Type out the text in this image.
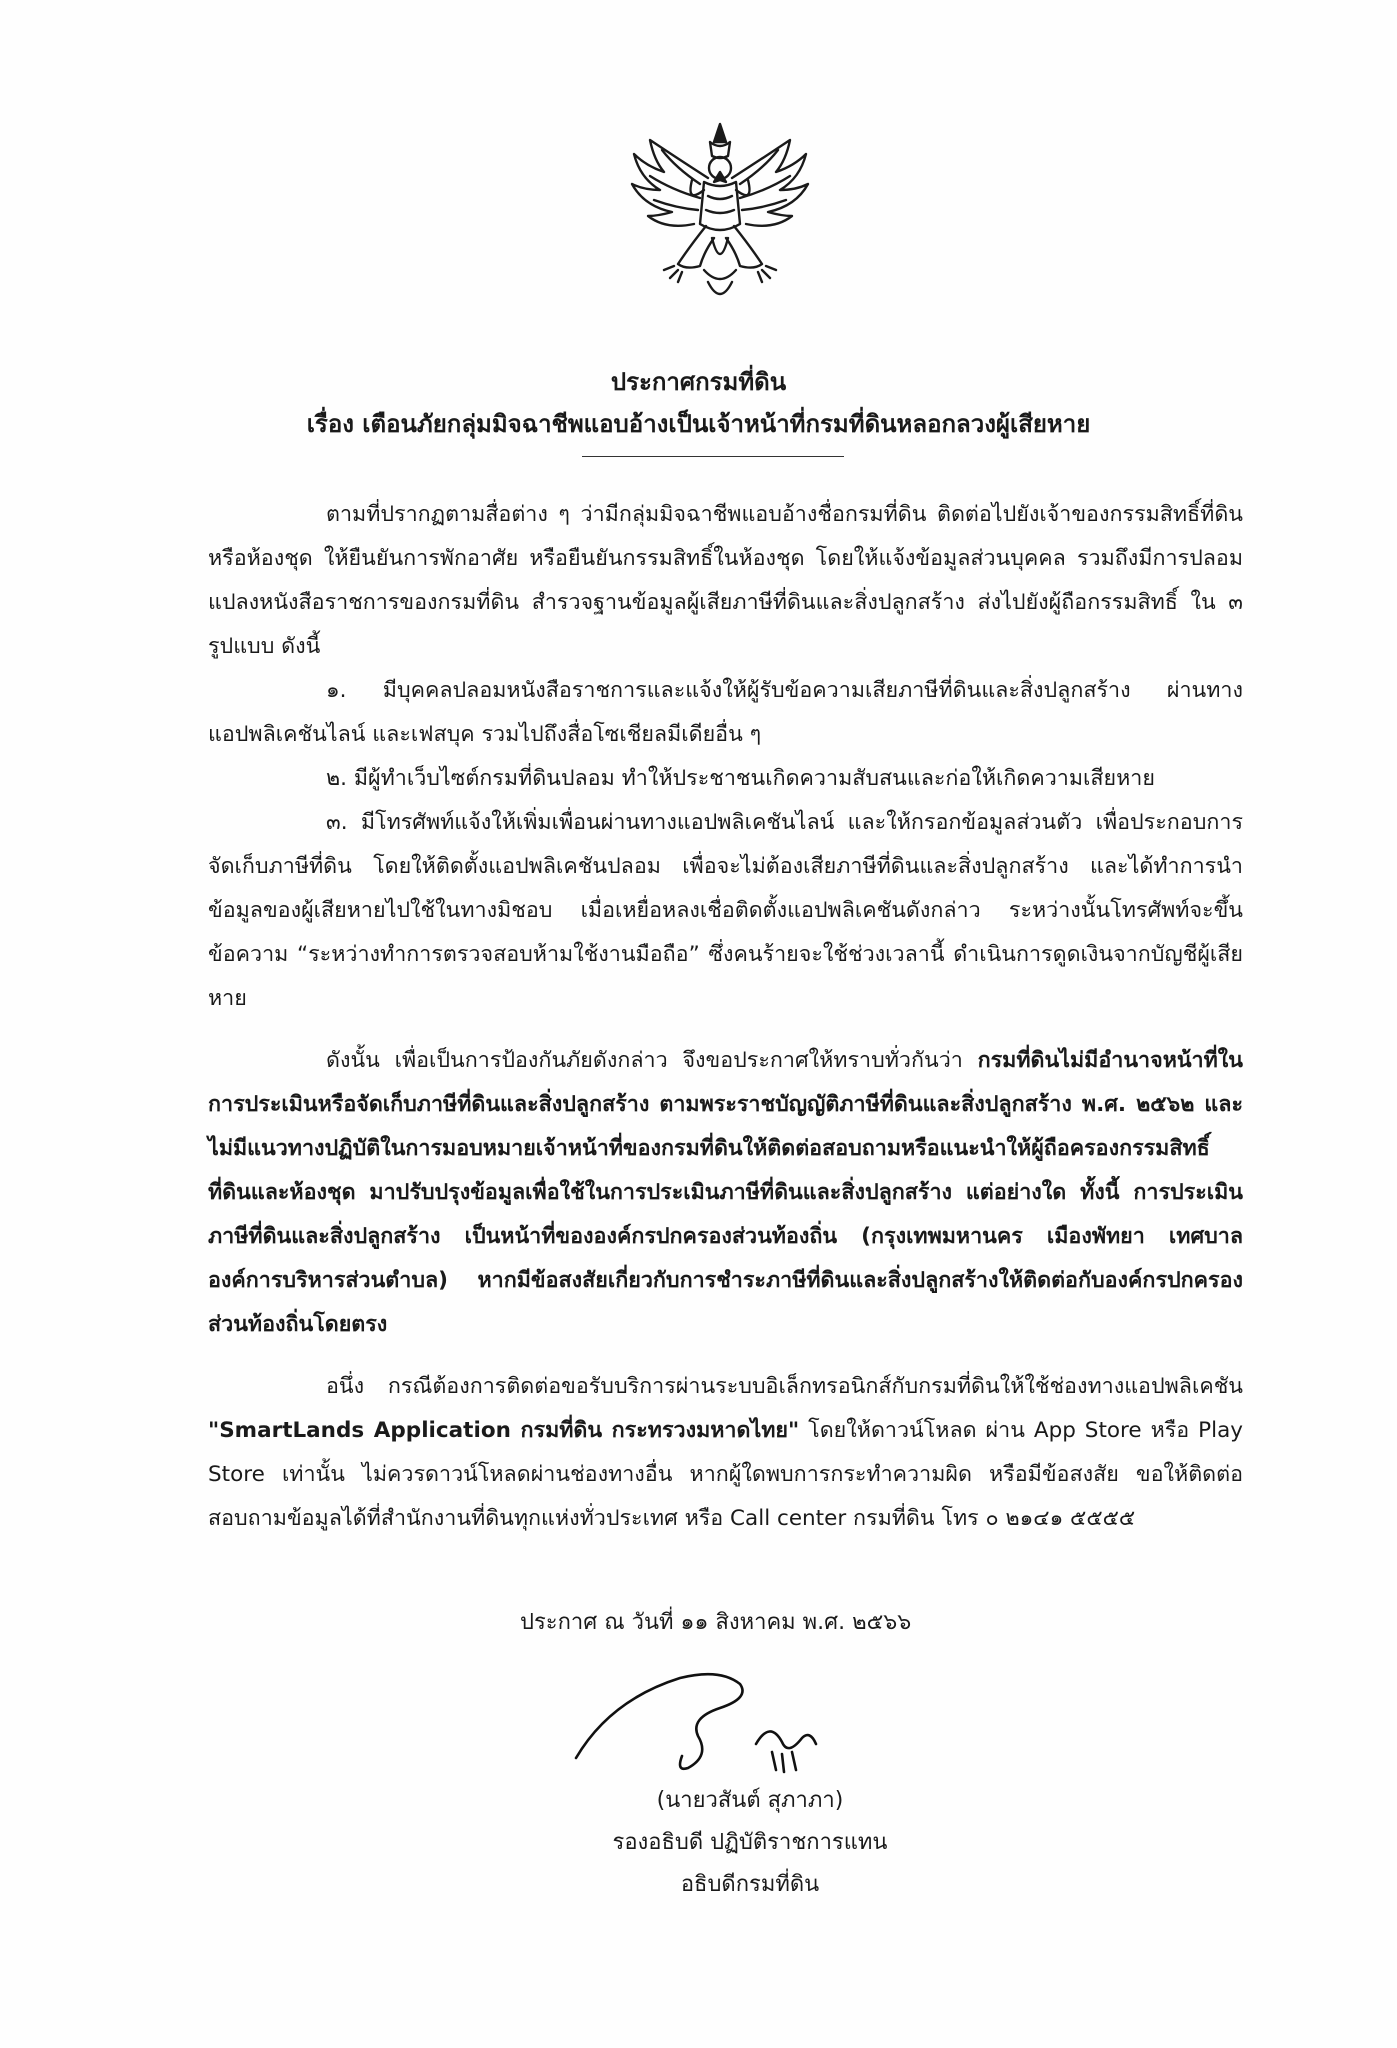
ประกาศกรมที่ดิน
เรื่อง เตือนภัยกลุ่มมิจฉาชีพแอบอ้างเป็นเจ้าหน้าที่กรมที่ดินหลอกลวงผู้เสียหาย

ตามที่ปรากฏตามสื่อต่าง ๆ ว่ามีกลุ่มมิจฉาชีพแอบอ้างชื่อกรมที่ดิน ติดต่อไปยังเจ้าของกรรมสิทธิ์ที่ดินหรือห้องชุด ให้ยืนยันการพักอาศัย หรือยืนยันกรรมสิทธิ์ในห้องชุด โดยให้แจ้งข้อมูลส่วนบุคคล รวมถึงมีการปลอมแปลงหนังสือราชการของกรมที่ดิน สำรวจฐานข้อมูลผู้เสียภาษีที่ดินและสิ่งปลูกสร้าง ส่งไปยังผู้ถือกรรมสิทธิ์ ใน ๓ รูปแบบ ดังนี้

๑. มีบุคคลปลอมหนังสือราชการและแจ้งให้ผู้รับข้อความเสียภาษีที่ดินและสิ่งปลูกสร้าง ผ่านทางแอปพลิเคชันไลน์ และเฟสบุค รวมไปถึงสื่อโซเชียลมีเดียอื่น ๆ

๒. มีผู้ทำเว็บไซต์กรมที่ดินปลอม ทำให้ประชาชนเกิดความสับสนและก่อให้เกิดความเสียหาย

๓. มีโทรศัพท์แจ้งให้เพิ่มเพื่อนผ่านทางแอปพลิเคชันไลน์ และให้กรอกข้อมูลส่วนตัว เพื่อประกอบการจัดเก็บภาษีที่ดิน โดยให้ติดตั้งแอปพลิเคชันปลอม เพื่อจะไม่ต้องเสียภาษีที่ดินและสิ่งปลูกสร้าง และได้ทำการนำข้อมูลของผู้เสียหายไปใช้ในทางมิชอบ เมื่อเหยื่อหลงเชื่อติดตั้งแอปพลิเคชันดังกล่าว ระหว่างนั้นโทรศัพท์จะขึ้นข้อความ “ระหว่างทำการตรวจสอบห้ามใช้งานมือถือ” ซึ่งคนร้ายจะใช้ช่วงเวลานี้ ดำเนินการดูดเงินจากบัญชีผู้เสียหาย

ดังนั้น เพื่อเป็นการป้องกันภัยดังกล่าว จึงขอประกาศให้ทราบทั่วกันว่า กรมที่ดินไม่มีอำนาจหน้าที่ในการประเมินหรือจัดเก็บภาษีที่ดินและสิ่งปลูกสร้าง ตามพระราชบัญญัติภาษีที่ดินและสิ่งปลูกสร้าง พ.ศ. ๒๕๖๒ และไม่มีแนวทางปฏิบัติในการมอบหมายเจ้าหน้าที่ของกรมที่ดินให้ติดต่อสอบถามหรือแนะนำให้ผู้ถือครองกรรมสิทธิ์ที่ดินและห้องชุด มาปรับปรุงข้อมูลเพื่อใช้ในการประเมินภาษีที่ดินและสิ่งปลูกสร้าง แต่อย่างใด ทั้งนี้ การประเมินภาษีที่ดินและสิ่งปลูกสร้าง เป็นหน้าที่ขององค์กรปกครองส่วนท้องถิ่น (กรุงเทพมหานคร เมืองพัทยา เทศบาล องค์การบริหารส่วนตำบล) หากมีข้อสงสัยเกี่ยวกับการชำระภาษีที่ดินและสิ่งปลูกสร้างให้ติดต่อกับองค์กรปกครองส่วนท้องถิ่นโดยตรง

อนึ่ง กรณีต้องการติดต่อขอรับบริการผ่านระบบอิเล็กทรอนิกส์กับกรมที่ดินให้ใช้ช่องทางแอปพลิเคชัน "SmartLands Application กรมที่ดิน กระทรวงมหาดไทย" โดยให้ดาวน์โหลด ผ่าน App Store หรือ Play Store เท่านั้น ไม่ควรดาวน์โหลดผ่านช่องทางอื่น หากผู้ใดพบการกระทำความผิด หรือมีข้อสงสัย ขอให้ติดต่อสอบถามข้อมูลได้ที่สำนักงานที่ดินทุกแห่งทั่วประเทศ หรือ Call center กรมที่ดิน โทร ๐ ๒๑๔๑ ๕๕๕๕

ประกาศ ณ วันที่ ๑๑ สิงหาคม พ.ศ. ๒๕๖๖
(นายวสันต์ สุภาภา)
รองอธิบดี ปฏิบัติราชการแทน
อธิบดีกรมที่ดิน
